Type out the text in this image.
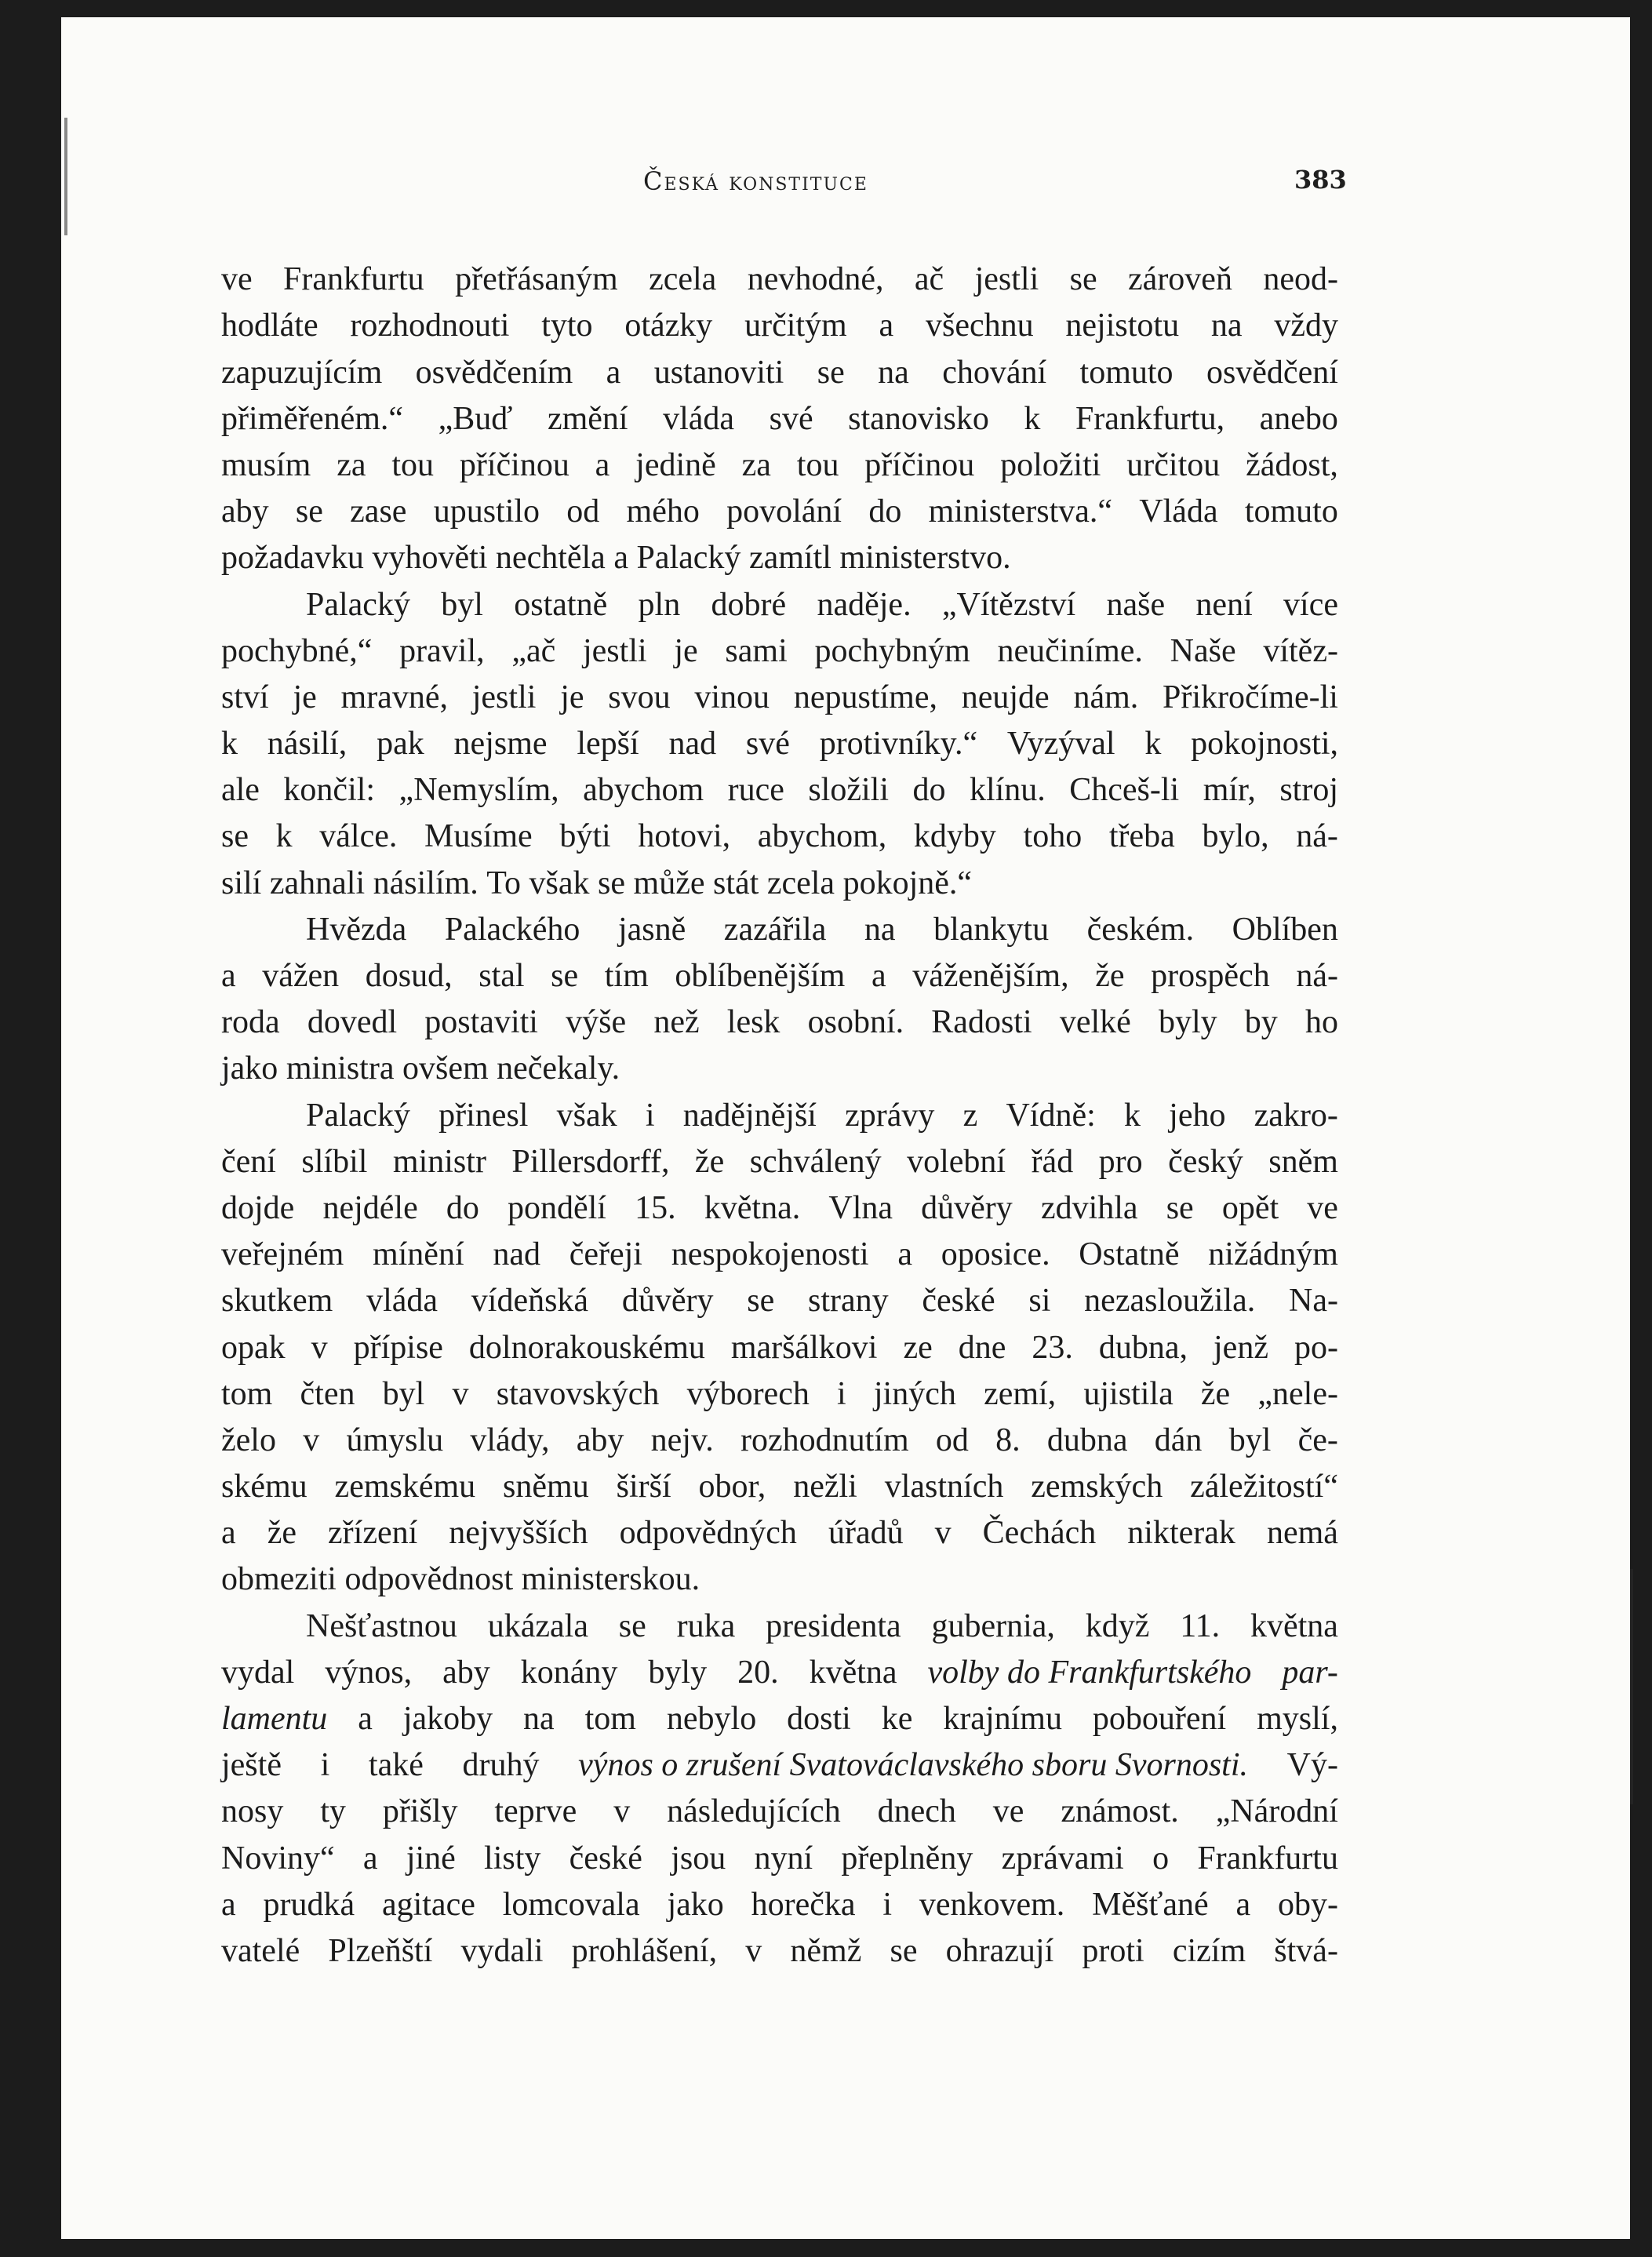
Česká konstituce	383
ve Frankfurtu přetřásaným zcela nevhodné, ač jestli se zároveň neod-
hodláte rozhodnouti tyto otázky určitým a všechnu nejistotu na vždy
zapuzujícím osvědčením a ustanoviti se na chování tomuto osvědčení
přiměřeném.“ „Buď změní vláda své stanovisko k Frankfurtu, anebo
musím za tou příčinou a jedině za tou příčinou položiti určitou žádost,
aby se zase upustilo od mého povolání do ministerstva.“ Vláda tomuto
požadavku vyhověti nechtěla a Palacký zamítl ministerstvo.
Palacký byl ostatně pln dobré naděje. „Vítězství naše není více
pochybné,“ pravil, „ač jestli je sami pochybným neučiníme. Naše vítěz-
ství je mravné, jestli je svou vinou nepustíme, neujde nám. Přikročíme-li
k násilí, pak nejsme lepší nad své protivníky.“ Vyzýval k pokojnosti,
ale končil: „Nemyslím, abychom ruce složili do klínu. Chceš-li mír, stroj
se k válce. Musíme býti hotovi, abychom, kdyby toho třeba bylo, ná-
silí zahnali násilím. To však se může stát zcela pokojně.“
Hvězda Palackého jasně zazářila na blankytu českém. Oblíben
a vážen dosud, stal se tím oblíbenějším a váženějším, že prospěch ná-
roda dovedl postaviti výše než lesk osobní. Radosti velké byly by ho
jako ministra ovšem nečekaly.
Palacký přinesl však i nadějnější zprávy z Vídně: k jeho zakro-
čení slíbil ministr Pillersdorff, že schválený volební řád pro český sněm
dojde nejdéle do pondělí 15. května. Vlna důvěry zdvihla se opět ve
veřejném mínění nad čeřeji nespokojenosti a oposice. Ostatně nižádným
skutkem vláda vídeňská důvěry se strany české si nezasloužila. Na-
opak v přípise dolnorakouskému maršálkovi ze dne 23. dubna, jenž po-
tom čten byl v stavovských výborech i jiných zemí, ujistila že „nele-
želo v úmyslu vlády, aby nejv. rozhodnutím od 8. dubna dán byl če-
skému zemskému sněmu širší obor, nežli vlastních zemských záležitostí“
a že zřízení nejvyšších odpovědných úřadů v Čechách nikterak nemá
obmeziti odpovědnost ministerskou.
Nešťastnou ukázala se ruka presidenta gubernia, když 11. května
vydal výnos, aby konány byly 20. května volby do Frankfurtského par-
lamentu a jakoby na tom nebylo dosti ke krajnímu pobouření myslí,
ještě i také druhý výnos o zrušení Svatováclavského sboru Svornosti. Vý-
nosy ty přišly teprve v následujících dnech ve známost. „Národní
Noviny“ a jiné listy české jsou nyní přeplněny zprávami o Frankfurtu
a prudká agitace lomcovala jako horečka i venkovem. Měšťané a oby-
vatelé Plzeňští vydali prohlášení, v němž se ohrazují proti cizím štvá-
